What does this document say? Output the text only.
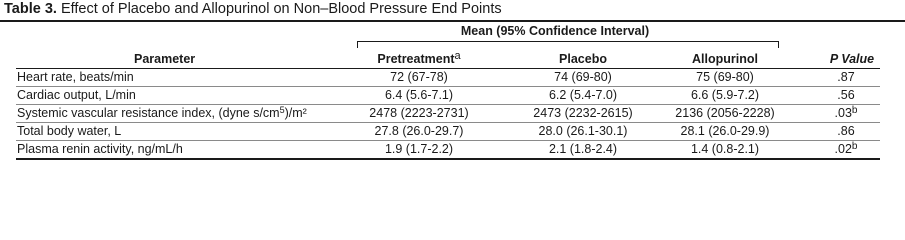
Table 3. Effect of Placebo and Allopurinol on Non–Blood Pressure End Points
Mean (95% Confidence Interval)
Parameter	Pretreatment$^a$	Placebo	Allopurinol	P Value
Heart rate, beats/min	72 (67-78)	74 (69-80)	75 (69-80)	.87
Cardiac output, L/min	6.4 (5.6-7.1)	6.2 (5.4-7.0)	6.6 (5.9-7.2)	.56
Systemic vascular resistance index, (dyne $s/cm^5)/m^2$	2478 (2223-2731)	2473 (2232-2615)	2136 (2056-2228)	.03$^b$
Total body water, L	27.8 (26.0-29.7)	28.0 (26.1-30.1)	28.1 (26.0-29.9)	.86
Plasma renin activity, ng/mL/h	1.9 (1.7-2.2)	2.1 (1.8-2.4)	1.4 (0.8-2.1)	.02$^b$
